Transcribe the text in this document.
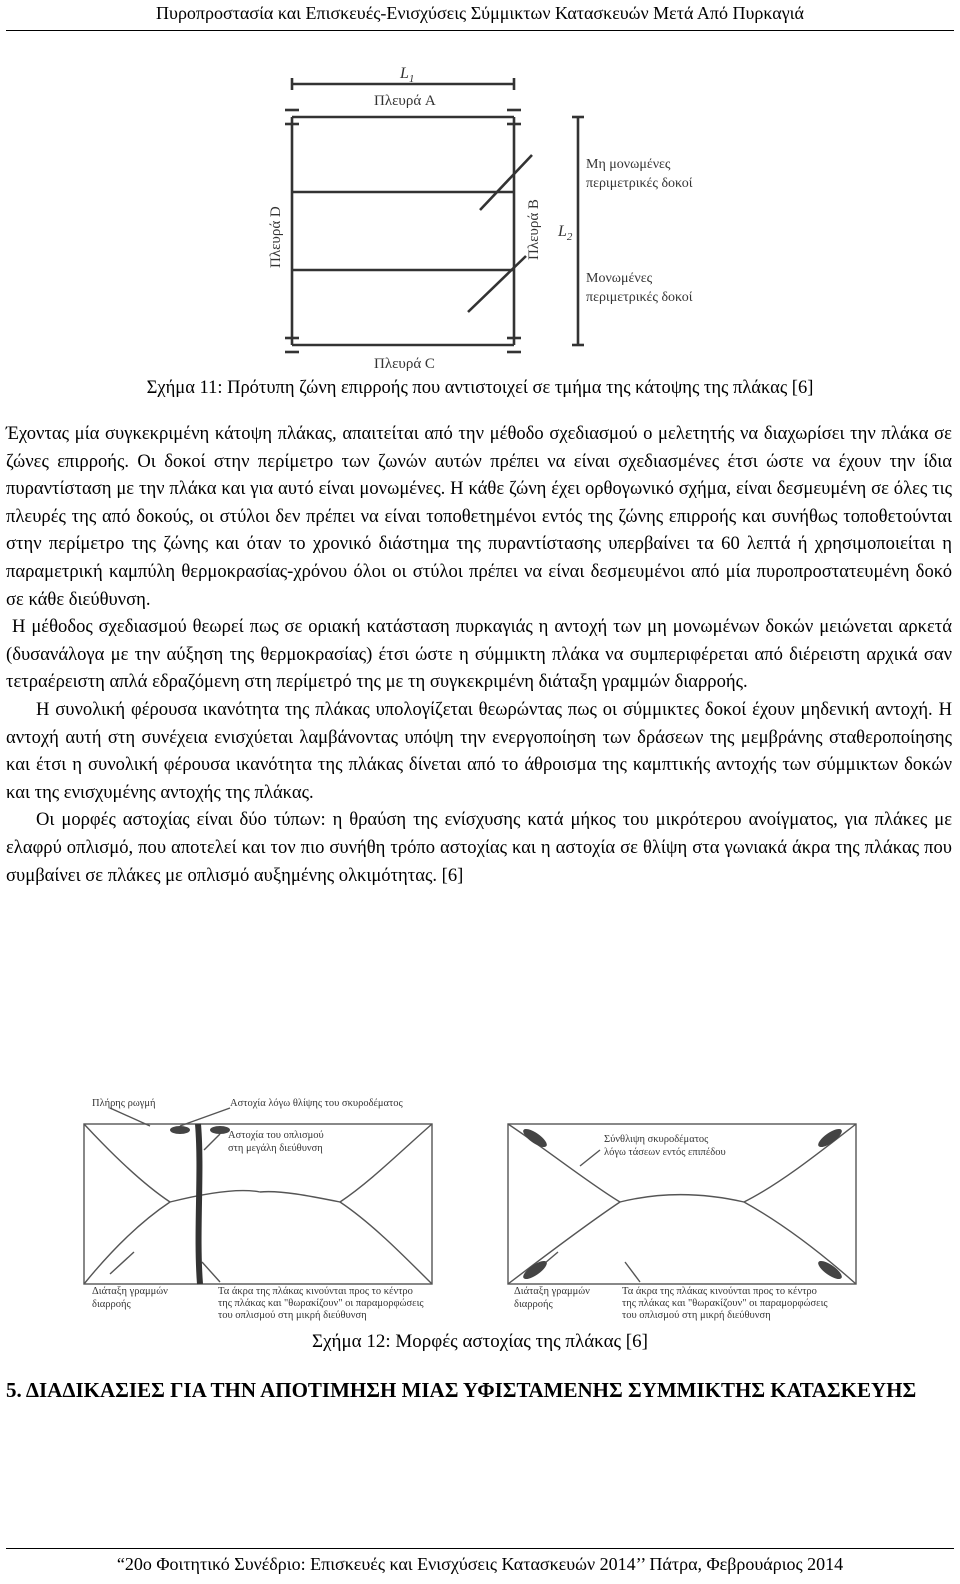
Πυροπροστασία και Επισκευές-Ενισχύσεις Σύμμικτων Κατασκευών Μετά Από Πυρκαγιά
$L_1$
Πλευρά A
Πλευρά C
Πλευρά D	Πλευρά B $L_2$
Μη μονωμένες
περιμετρικές δοκοί
Μονωμένες
περιμετρικές δοκοί
Σχήμα 11: Πρότυπη ζώνη επιρροής που αντιστοιχεί σε τμήμα της κάτοψης της πλάκας [6]

Έχοντας μία συγκεκριμένη κάτοψη πλάκας, απαιτείται από την μέθοδο σχεδιασμού ο μελετητής να διαχωρίσει την πλάκα σε ζώνες επιρροής. Οι δοκοί στην περίμετρο των ζωνών αυτών πρέπει να είναι σχεδιασμένες έτσι ώστε να έχουν την ίδια πυραντίσταση με την πλάκα και για αυτό είναι μονωμένες. Η κάθε ζώνη έχει ορθογωνικό σχήμα, είναι δεσμευμένη σε όλες τις πλευρές της από δοκούς, οι στύλοι δεν πρέπει να είναι τοποθετημένοι εντός της ζώνης επιρροής και συνήθως τοποθετούνται στην περίμετρο της ζώνης και όταν το χρονικό διάστημα της πυραντίστασης υπερβαίνει τα 60 λεπτά ή χρησιμοποιείται η παραμετρική καμπύλη θερμοκρασίας-χρόνου όλοι οι στύλοι πρέπει να είναι δεσμευμένοι από μία πυροπροστατευμένη δοκό σε κάθε διεύθυνση.

Η μέθοδος σχεδιασμού θεωρεί πως σε οριακή κατάσταση πυρκαγιάς η αντοχή των μη μονωμένων δοκών μειώνεται αρκετά (δυσανάλογα με την αύξηση της θερμοκρασίας) έτσι ώστε η σύμμικτη πλάκα να συμπεριφέρεται από διέρειστη αρχικά σαν τετραέρειστη απλά εδραζόμενη στη περίμετρό της με τη συγκεκριμένη διάταξη γραμμών διαρροής.

Η συνολική φέρουσα ικανότητα της πλάκας υπολογίζεται θεωρώντας πως οι σύμμικτες δοκοί έχουν μηδενική αντοχή. Η αντοχή αυτή στη συνέχεια ενισχύεται λαμβάνοντας υπόψη την ενεργοποίηση των δράσεων της μεμβράνης σταθεροποίησης και έτσι η συνολική φέρουσα ικανότητα της πλάκας δίνεται από το άθροισμα της καμπτικής αντοχής των σύμμικτων δοκών και της ενισχυμένης αντοχής της πλάκας.

Οι μορφές αστοχίας είναι δύο τύπων: η θραύση της ενίσχυσης κατά μήκος του μικρότερου ανοίγματος, για πλάκες με ελαφρύ οπλισμό, που αποτελεί και τον πιο συνήθη τρόπο αστοχίας και η αστοχία σε θλίψη στα γωνιακά άκρα της πλάκας που συμβαίνει σε πλάκες με οπλισμό αυξημένης ολκιμότητας. [6]

Πλήρης ρωγμή	Αστοχία λόγω θλίψης του σκυροδέματος
Αστοχία του οπλισμού
στη μεγάλη διεύθυνση
Διάταξη γραμμών
διαρροής
Τα άκρα της πλάκας κινούνται προς το κέντρο
της πλάκας και "θωρακίζουν" οι παραμορφώσεις
του οπλισμού στη μικρή διεύθυνση
Σύνθλιψη σκυροδέματος
λόγω τάσεων εντός επιπέδου
Διάταξη γραμμών
διαρροής
Τα άκρα της πλάκας κινούνται προς το κέντρο
της πλάκας και "θωρακίζουν" οι παραμορφώσεις
του οπλισμού στη μικρή διεύθυνση
Σχήμα 12: Μορφές αστοχίας της πλάκας [6]
5. ΔΙΑΔΙΚΑΣΙΕΣ ΓΙΑ ΤΗΝ ΑΠΟΤΙΜΗΣΗ ΜΙΑΣ ΥΦΙΣΤΑΜΕΝΗΣ ΣΥΜΜΙΚΤΗΣ ΚΑΤΑΣΚΕΥΗΣ
“20ο Φοιτητικό Συνέδριο: Επισκευές και Ενισχύσεις Κατασκευών 2014’’ Πάτρα, Φεβρουάριος 2014
